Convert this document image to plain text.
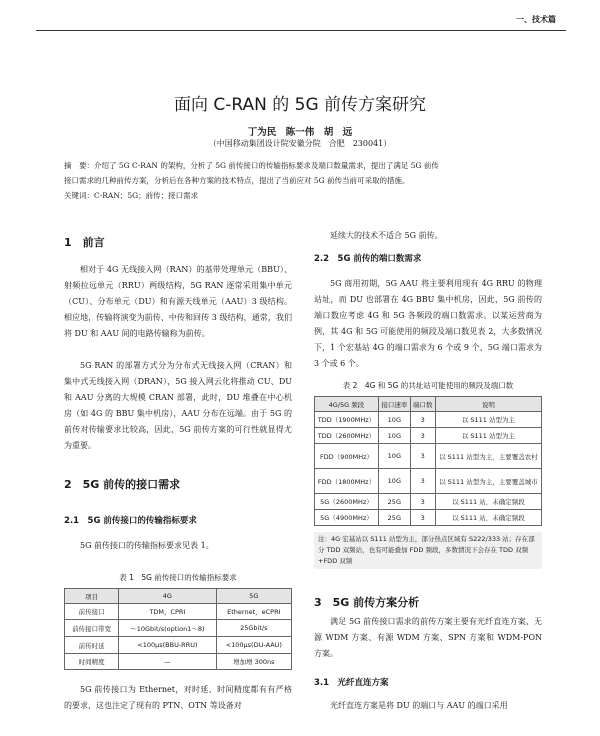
一、技术篇
面向 C-RAN 的 5G 前传方案研究
丁为民　陈一伟　胡　远
（中国移动集团设计院安徽分院　合肥　230041）
摘　要：介绍了 5G C-RAN 的架构，分析了 5G 前传接口的传输指标要求及端口数量需求，提出了满足 5G 前传
接口需求的几种前传方案，分析后在各种方案的技术特点，提出了当前应对 5G 前传当前可采取的措施。
关键词：C-RAN；5G；前传；接口需求
1　前言

相对于 4G 无线接入网（RAN）的基带处理单元（BBU）、射频拉远单元（RRU）两级结构，5G RAN 逐常采用集中单元（CU）、分布单元（DU）和有源天线单元（AAU）3 级结构。相应地，传输将演变为前传、中传和回传 3 级结构，通常，我们将 DU 和 AAU 间的电路传输称为前传。

5G RAN 的部署方式分为分布式无线接入网（CRAN）和集中式无线接入网（DRAN），5G 接入网云化将推动 CU、DU 和 AAU 分离的大规模 CRAN 部署，此时，DU 堆叠在中心机房（如 4G 的 BBU 集中机房），AAU 分布在远端。由于 5G 的前传对传输要求比较高，因此，5G 前传方案的可行性就显得尤为重要。

2　5G 前传的接口需求
2.1　5G 前传接口的传输指标要求

5G 前传接口的传输指标要求见表 1。

表 1　5G 前传接口的传输指标要求
项目	4G	5G
前传接口	TDM，CPRI	Ethernet，eCPRI
前传接口带宽	～10Gbit/s(option1～8)	25Gbit/s
前传时延	<100μs(BBU-RRU)	<100μs(DU-AAU)
时间精度	—	增加增 300ns

5G 前传接口为 Ethernet，对时延、时间精度都有有严格的要求，这也注定了现有的 PTN、OTN 等设备对

延续大的技术不适合 5G 前传。

2.2　5G 前传的端口数需求

5G 商用初期，5G AAU 将主要利用现有 4G RRU 的物理站址，而 DU 也部署在 4G BBU 集中机房，因此，5G 前传的端口数应考虑 4G 和 5G 各频段的端口数需求。以某运营商为例，其 4G 和 5G 可能使用的频段及端口数见表 2，大多数情况下，1 个宏基站 4G 的端口需求为 6 个或 9 个、5G 端口需求为 3 个或 6 个。

表 2　4G 和 5G 的共址站可能使用的频段及端口数
4G/5G 频段	接口速率	端口数	说明
TDD（1900MHz）	10G	3	以 S111 站型为主
TDD（2600MHz）	10G	3	以 S111 站型为主
FDD（900MHz）	10G	3	以 S111 站型为主，主要覆盖农村
FDD（1800MHz）	10G	3	以 S111 站型为主，主要覆盖城市
5G（2600MHz）	25G	3	以 S111 站，未确定频段
5G（4900MHz）	25G	3	以 S111 站，未确定频段
注：4G 宏基站以 S111 站型为主，部分热点区域有 S222/333 站；存在部分 TDD 双频站，也有可能叠加 FDD 频段，多数情况下会存在 TDD 双频+FDD 双频
3　5G 前传方案分析

满足 5G 前传接口需求的前传方案主要有光纤直连方案、无源 WDM 方案、有源 WDM 方案、SPN 方案和 WDM-PON 方案。

3.1　光纤直连方案

光纤直连方案是将 DU 的端口与 AAU 的端口采用
